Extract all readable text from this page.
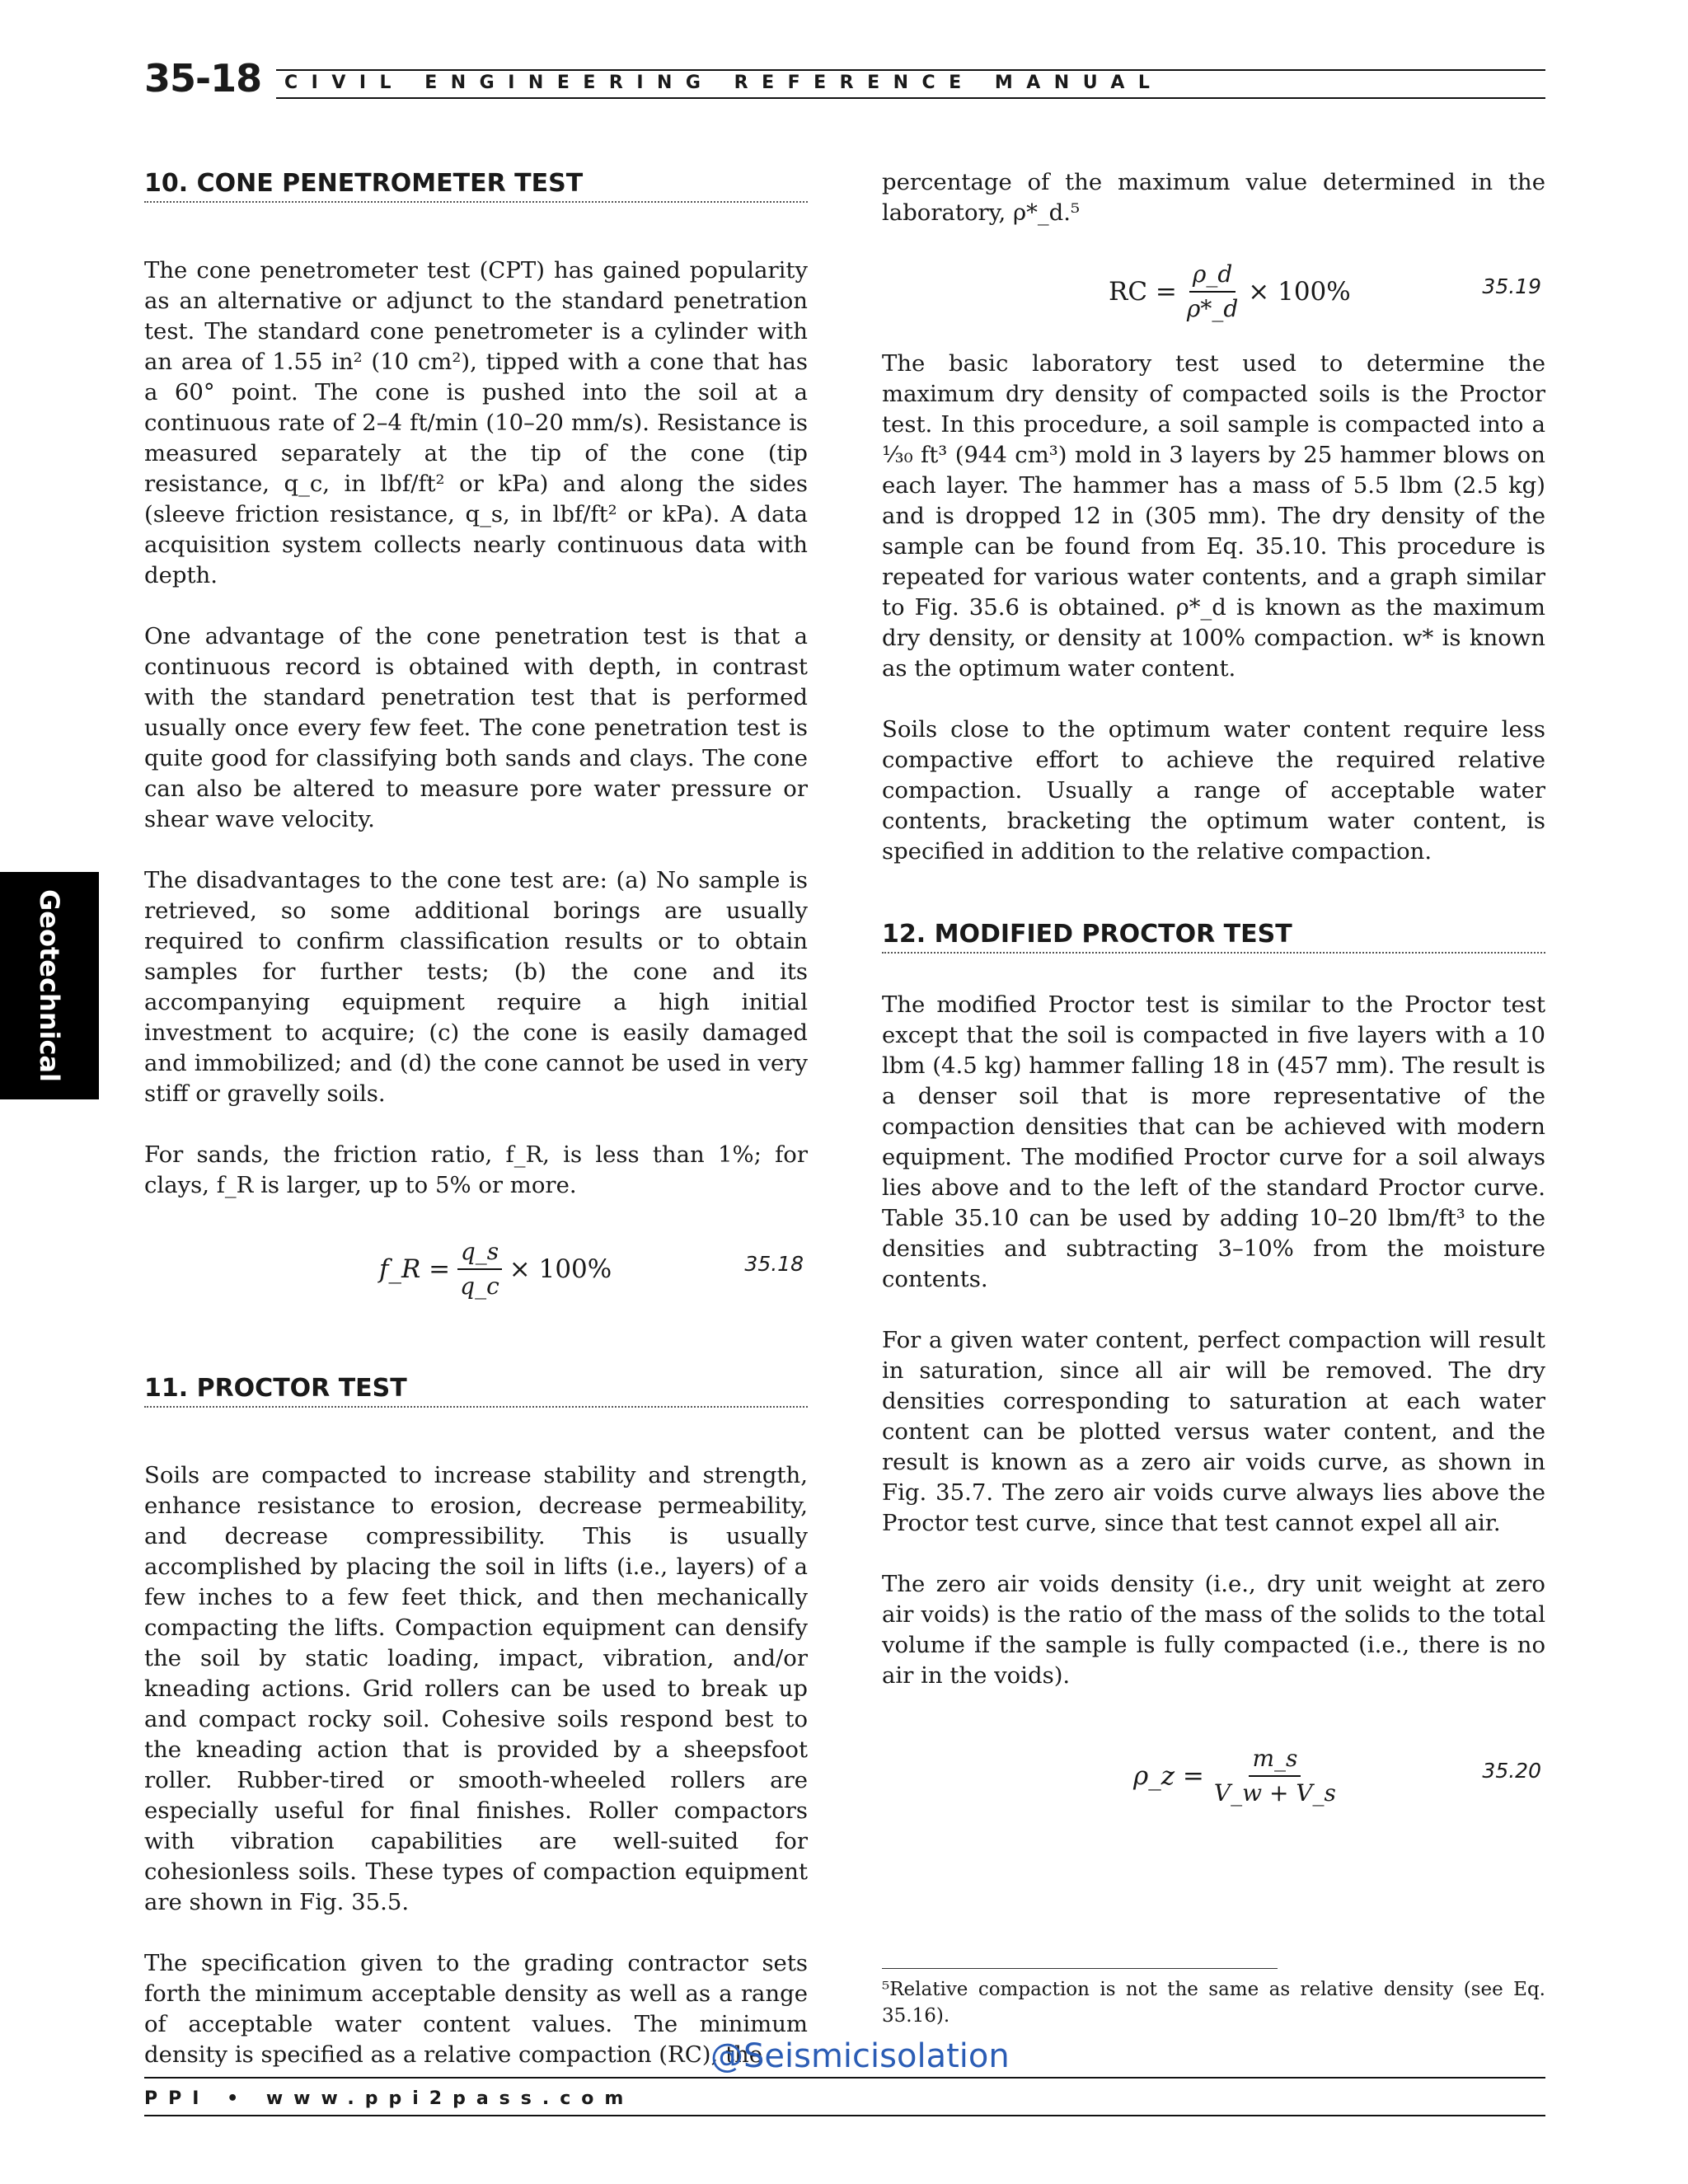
35-18 CIVIL ENGINEERING REFERENCE MANUAL
Geotechnical
10. CONE PENETROMETER TEST

The cone penetrometer test (CPT) has gained popularity as an alternative or adjunct to the standard penetration test. The standard cone penetrometer is a cylinder with an area of 1.55 in² (10 cm²), tipped with a cone that has a 60° point. The cone is pushed into the soil at a continuous rate of 2–4 ft/min (10–20 mm/s). Resistance is measured separately at the tip of the cone (tip resistance, q_c, in lbf/ft² or kPa) and along the sides (sleeve friction resistance, q_s, in lbf/ft² or kPa). A data acquisition system collects nearly continuous data with depth.

One advantage of the cone penetration test is that a continuous record is obtained with depth, in contrast with the standard penetration test that is performed usually once every few feet. The cone penetration test is quite good for classifying both sands and clays. The cone can also be altered to measure pore water pressure or shear wave velocity.

The disadvantages to the cone test are: (a) No sample is retrieved, so some additional borings are usually required to confirm classification results or to obtain samples for further tests; (b) the cone and its accompanying equipment require a high initial investment to acquire; (c) the cone is easily damaged and immobilized; and (d) the cone cannot be used in very stiff or gravelly soils.

For sands, the friction ratio, f_R, is less than 1%; for clays, f_R is larger, up to 5% or more.

f_R = $\frac{q\_s}{q\_c} \times 100\%$	35.18
11. PROCTOR TEST

Soils are compacted to increase stability and strength, enhance resistance to erosion, decrease permeability, and decrease compressibility. This is usually accomplished by placing the soil in lifts (i.e., layers) of a few inches to a few feet thick, and then mechanically compacting the lifts. Compaction equipment can densify the soil by static loading, impact, vibration, and/or kneading actions. Grid rollers can be used to break up and compact rocky soil. Cohesive soils respond best to the kneading action that is provided by a sheepsfoot roller. Rubber-tired or smooth-wheeled rollers are especially useful for final finishes. Roller compactors with vibration capabilities are well-suited for cohesionless soils. These types of compaction equipment are shown in Fig. 35.5.

The specification given to the grading contractor sets forth the minimum acceptable density as well as a range of acceptable water content values. The minimum density is specified as a relative compaction (RC), the

percentage of the maximum value determined in the laboratory, ρ*_d.⁵

RC = $\frac{\rho\_d}{\rho*\_d} \times 100\%$	35.19

The basic laboratory test used to determine the maximum dry density of compacted soils is the Proctor test. In this procedure, a soil sample is compacted into a ¹⁄₃₀ ft³ (944 cm³) mold in 3 layers by 25 hammer blows on each layer. The hammer has a mass of 5.5 lbm (2.5 kg) and is dropped 12 in (305 mm). The dry density of the sample can be found from Eq. 35.10. This procedure is repeated for various water contents, and a graph similar to Fig. 35.6 is obtained. ρ*_d is known as the maximum dry density, or density at 100% compaction. w* is known as the optimum water content.

Soils close to the optimum water content require less compactive effort to achieve the required relative compaction. Usually a range of acceptable water contents, bracketing the optimum water content, is specified in addition to the relative compaction.

12. MODIFIED PROCTOR TEST

The modified Proctor test is similar to the Proctor test except that the soil is compacted in five layers with a 10 lbm (4.5 kg) hammer falling 18 in (457 mm). The result is a denser soil that is more representative of the compaction densities that can be achieved with modern equipment. The modified Proctor curve for a soil always lies above and to the left of the standard Proctor curve. Table 35.10 can be used by adding 10–20 lbm/ft³ to the densities and subtracting 3–10% from the moisture contents.

For a given water content, perfect compaction will result in saturation, since all air will be removed. The dry densities corresponding to saturation at each water content can be plotted versus water content, and the result is known as a zero air voids curve, as shown in Fig. 35.7. The zero air voids curve always lies above the Proctor test curve, since that test cannot expel all air.

The zero air voids density (i.e., dry unit weight at zero air voids) is the ratio of the mass of the solids to the total volume if the sample is fully compacted (i.e., there is no air in the voids).

ρ_z = $\frac{m\_s}{V\_w + V\_s}$	35.20
⁵Relative compaction is not the same as relative density (see Eq. 35.16).
@Seismicisolation
PPI • www.ppi2pass.com
